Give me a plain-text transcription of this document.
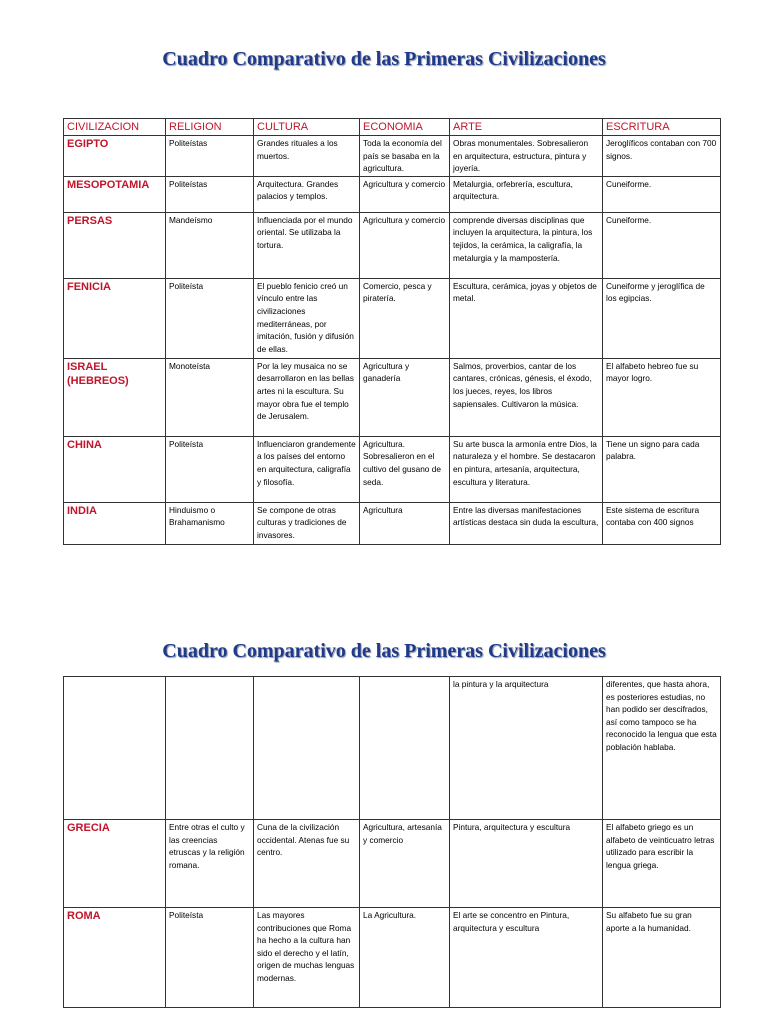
Cuadro Comparativo de las Primeras Civilizaciones
CIVILIZACION	RELIGION	CULTURA	ECONOMIA	ARTE	ESCRITURA
EGIPTO	Politeístas	Grandes rituales a los muertos.	Toda la economía del país se basaba en la agricultura.	Obras monumentales. Sobresalieron en arquitectura, estructura, pintura y joyería.	Jeroglíficos contaban con 700 signos.
MESOPOTAMIA	Politeístas	Arquitectura. Grandes palacios y templos.	Agricultura y comercio	Metalurgia, orfebrería, escultura, arquitectura.	Cuneiforme.
PERSAS	Mandeísmo	Influenciada por el mundo oriental. Se utilizaba la tortura.	Agricultura y comercio	comprende diversas disciplinas que incluyen la arquitectura, la pintura, los tejidos, la cerámica, la caligrafía, la metalurgia y la mampostería.	Cuneiforme.
FENICIA	Politeísta	El pueblo fenicio creó un vínculo entre las civilizaciones mediterráneas, por imitación, fusión y difusión de ellas.	Comercio, pesca y piratería.	Escultura, cerámica, joyas y objetos de metal.	Cuneiforme y jeroglífica de los egipcias.
ISRAEL (HEBREOS)	Monoteísta	Por la ley musaica no se desarrollaron en las bellas artes ni la escultura. Su mayor obra fue el templo de Jerusalem.	Agricultura y ganadería	Salmos, proverbios, cantar de los cantares, crónicas, génesis, el éxodo, los jueces, reyes, los libros sapiensales. Cultivaron la música.	El alfabeto hebreo fue su mayor logro.
CHINA	Politeísta	Influenciaron grandemente a los países del entorno en arquitectura, caligrafía y filosofía.	Agricultura. Sobresalieron en el cultivo del gusano de seda.	Su arte busca la armonía entre Dios, la naturaleza y el hombre. Se destacaron en pintura, artesanía, arquitectura, escultura y literatura.	Tiene un signo para cada palabra.
INDIA	Hinduismo o Brahamanismo	Se compone de otras culturas y tradiciones de invasores.	Agricultura	Entre las diversas manifestaciones artísticas destaca sin duda la escultura,	Este sistema de escritura contaba con 400 signos
Cuadro Comparativo de las Primeras Civilizaciones
				la pintura y la arquitectura	diferentes, que hasta ahora, es posteriores estudias, no han podido ser descifrados, así como tampoco se ha reconocido la lengua que esta población hablaba.
GRECIA	Entre otras el culto y las creencias etruscas y la religión romana.	Cuna de la civilización occidental. Atenas fue su centro.	Agricultura, artesanía y comercio	Pintura, arquitectura y escultura	El alfabeto griego es un alfabeto de veinticuatro letras utilizado para escribir la lengua griega.
ROMA	Politeísta	Las mayores contribuciones que Roma ha hecho a la cultura han sido el derecho y el latín, origen de muchas lenguas modernas.	La Agricultura.	El arte se concentro en Pintura, arquitectura y escultura	Su alfabeto fue su gran aporte a la humanidad.
